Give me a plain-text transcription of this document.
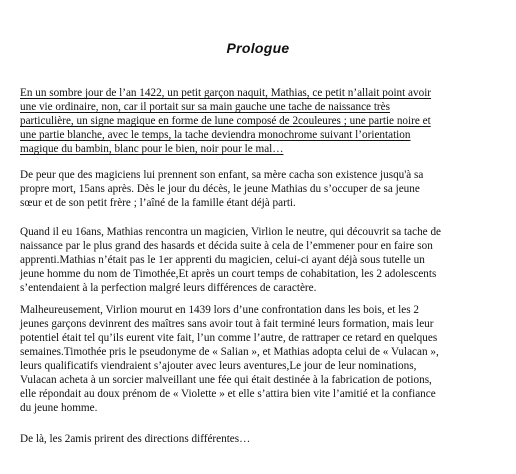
Prologue
En un sombre jour de l’an 1422, un petit garçon naquit, Mathias, ce petit n’allait point avoir
une vie ordinaire, non, car il portait sur sa main gauche une tache de naissance très
particulière, un signe magique en forme de lune composé de 2couleures ; une partie noire et
une partie blanche, avec le temps, la tache deviendra monochrome suivant l’orientation
magique du bambin, blanc pour le bien, noir pour le mal…
De peur que des magiciens lui prennent son enfant, sa mère cacha son existence jusqu'à sa
propre mort, 15ans après. Dès le jour du décès, le jeune Mathias du s’occuper de sa jeune
sœur et de son petit frère ; l’aîné de la famille étant déjà parti.
Quand il eu 16ans, Mathias rencontra un magicien, Virlion le neutre, qui découvrit sa tache de
naissance par le plus grand des hasards et décida suite à cela de l’emmener pour en faire son
apprenti.Mathias n’était pas le 1er apprenti du magicien, celui-ci ayant déjà sous tutelle un
jeune homme du nom de Timothée,Et après un court temps de cohabitation, les 2 adolescents
s’entendaient à la perfection malgré leurs différences de caractère.
Malheureusement, Virlion mourut en 1439 lors d’une confrontation dans les bois, et les 2
jeunes garçons devinrent des maîtres sans avoir tout à fait terminé leurs formation, mais leur
potentiel était tel qu’ils eurent vite fait, l’un comme l’autre, de rattraper ce retard en quelques
semaines.Timothée pris le pseudonyme de « Salian », et Mathias adopta celui de « Vulacan »,
leurs qualificatifs viendraient s’ajouter avec leurs aventures,Le jour de leur nominations,
Vulacan acheta à un sorcier malveillant une fée qui était destinée à la fabrication de potions,
elle répondait au doux prénom de « Violette » et elle s’attira bien vite l’amitié et la confiance
du jeune homme.
De là, les 2amis prirent des directions différentes…
